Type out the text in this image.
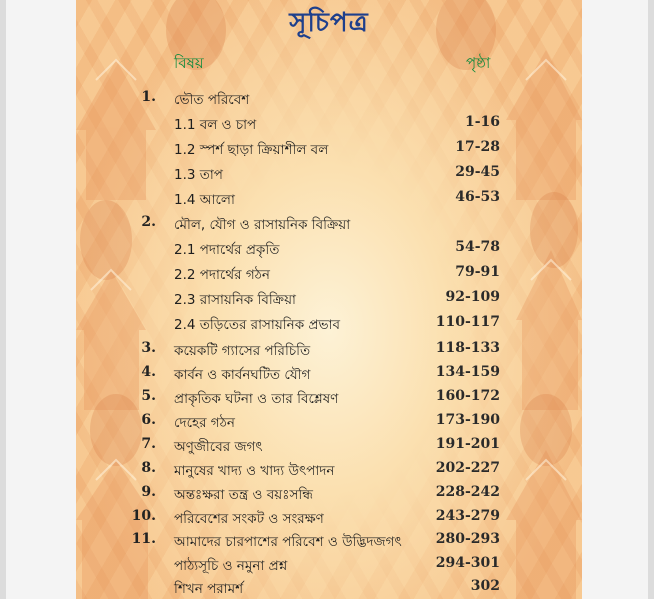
সূচিপত্র
বিষয়	পৃষ্ঠা
1. ভৌত পরিবেশ
1.1 বল ও চাপ	1-16
1.2 স্পর্শ ছাড়া ক্রিয়াশীল বল	17-28
1.3 তাপ	29-45
1.4 আলো	46-53
2. মৌল, যৌগ ও রাসায়নিক বিক্রিয়া
2.1 পদার্থের প্রকৃতি	54-78
2.2 পদার্থের গঠন	79-91
2.3 রাসায়নিক বিক্রিয়া	92-109
2.4 তড়িতের রাসায়নিক প্রভাব	110-117
3. কয়েকটি গ্যাসের পরিচিতি	118-133
4. কার্বন ও কার্বনঘটিত যৌগ	134-159
5. প্রাকৃতিক ঘটনা ও তার বিশ্লেষণ	160-172
6. দেহের গঠন	173-190
7. অণুজীবের জগৎ	191-201
8. মানুষের খাদ্য ও খাদ্য উৎপাদন	202-227
9. অন্তঃক্ষরা তন্ত্র ও বয়ঃসন্ধি	228-242
10. পরিবেশের সংকট ও সংরক্ষণ	243-279
11. আমাদের চারপাশের পরিবেশ ও উদ্ভিদজগৎ 280-293
পাঠ্যসূচি ও নমুনা প্রশ্ন	294-301
শিখন পরামর্শ	302
